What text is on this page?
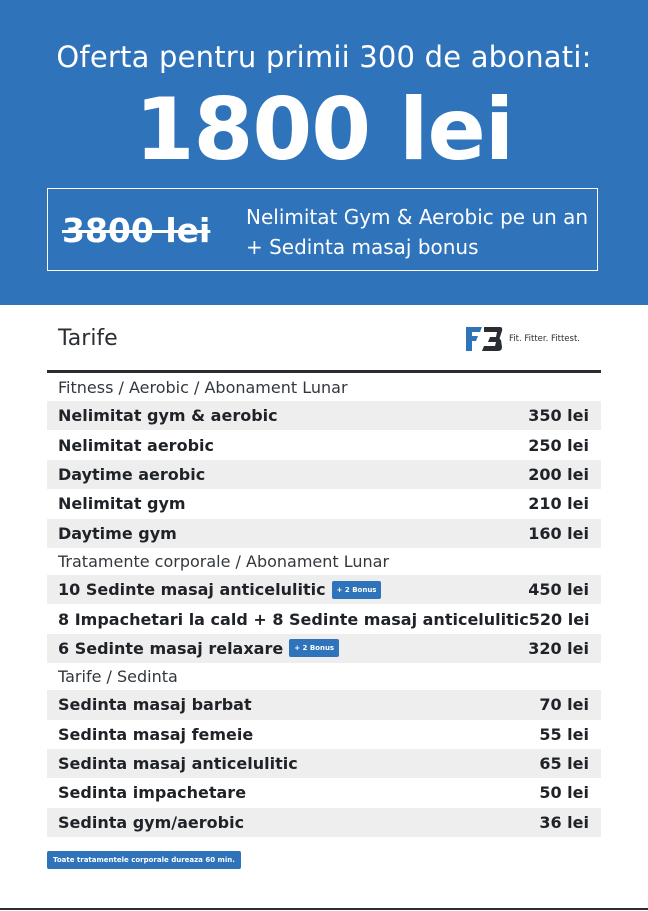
Oferta pentru primii 300 de abonati:
1800 lei
3800 lei Nelimitat Gym & Aerobic pe un an
+ Sedinta masaj bonus
Tarife	Fit. Fitter. Fittest.
Fitness / Aerobic / Abonament Lunar
Nelimitat gym & aerobic	350 lei
Nelimitat aerobic	250 lei
Daytime aerobic	200 lei
Nelimitat gym	210 lei
Daytime gym	160 lei
Tratamente corporale / Abonament Lunar
10 Sedinte masaj anticelulitic	+ 2 Bonus	450 lei
8 Impachetari la cald + 8 Sedinte masaj anticelulitic 520 lei
6 Sedinte masaj relaxare	+ 2 Bonus	320 lei
Tarife / Sedinta
Sedinta masaj barbat	70 lei
Sedinta masaj femeie	55 lei
Sedinta masaj anticelulitic	65 lei
Sedinta impachetare	50 lei
Sedinta gym/aerobic	36 lei
Toate tratamentele corporale dureaza 60 min.
